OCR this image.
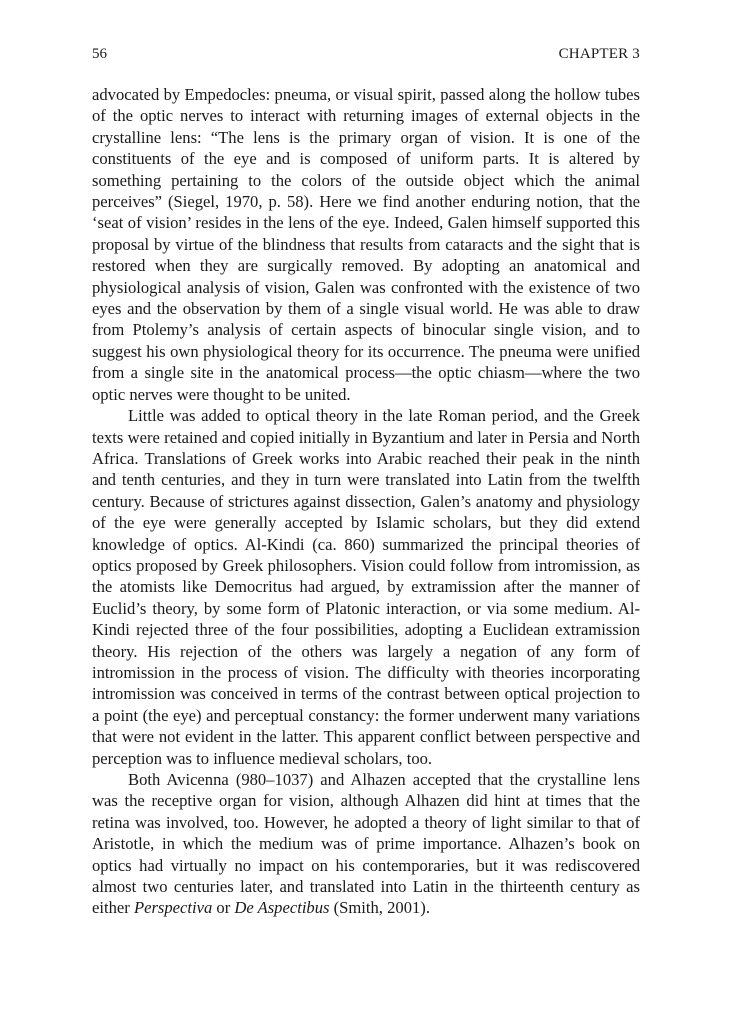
56	CHAPTER 3

advocated by Empedocles: pneuma, or visual spirit, passed along the hollow tubes of the optic nerves to interact with returning images of external objects in the crystalline lens: “The lens is the primary organ of vision. It is one of the constituents of the eye and is composed of uniform parts. It is altered by something pertaining to the colors of the outside object which the animal perceives” (Siegel, 1970, p. 58). Here we find another enduring notion, that the ‘seat of vision’ resides in the lens of the eye. Indeed, Galen himself supported this proposal by virtue of the blindness that results from cataracts and the sight that is restored when they are surgically removed. By adopting an anatomical and physiological analysis of vision, Galen was confronted with the existence of two eyes and the observation by them of a single visual world. He was able to draw from Ptolemy’s analysis of certain aspects of binocular single vision, and to suggest his own physiological theory for its occurrence. The pneuma were unified from a single site in the anatomical process—the optic chiasm—where the two optic nerves were thought to be united.

Little was added to optical theory in the late Roman period, and the Greek texts were retained and copied initially in Byzantium and later in Persia and North Africa. Translations of Greek works into Arabic reached their peak in the ninth and tenth centuries, and they in turn were translated into Latin from the twelfth century. Because of strictures against dissection, Galen’s anatomy and physiology of the eye were generally accepted by Islamic scholars, but they did extend knowledge of optics. Al-Kindi (ca. 860) summarized the principal theories of optics proposed by Greek philosophers. Vision could follow from intromission, as the atomists like Democritus had argued, by extramission after the manner of Euclid’s theory, by some form of Platonic interaction, or via some medium. Al-Kindi rejected three of the four possibilities, adopting a Euclidean extramission theory. His rejection of the others was largely a negation of any form of intromission in the process of vision. The difficulty with theories incorporating intromission was conceived in terms of the contrast between optical projection to a point (the eye) and perceptual constancy: the former underwent many variations that were not evident in the latter. This apparent conflict between perspective and perception was to influence medieval scholars, too.

Both Avicenna (980–1037) and Alhazen accepted that the crystalline lens was the receptive organ for vision, although Alhazen did hint at times that the retina was involved, too. However, he adopted a theory of light similar to that of Aristotle, in which the medium was of prime importance. Alhazen’s book on optics had virtually no impact on his contemporaries, but it was rediscovered almost two centuries later, and translated into Latin in the thirteenth century as either Perspectiva or De Aspectibus (Smith, 2001).
